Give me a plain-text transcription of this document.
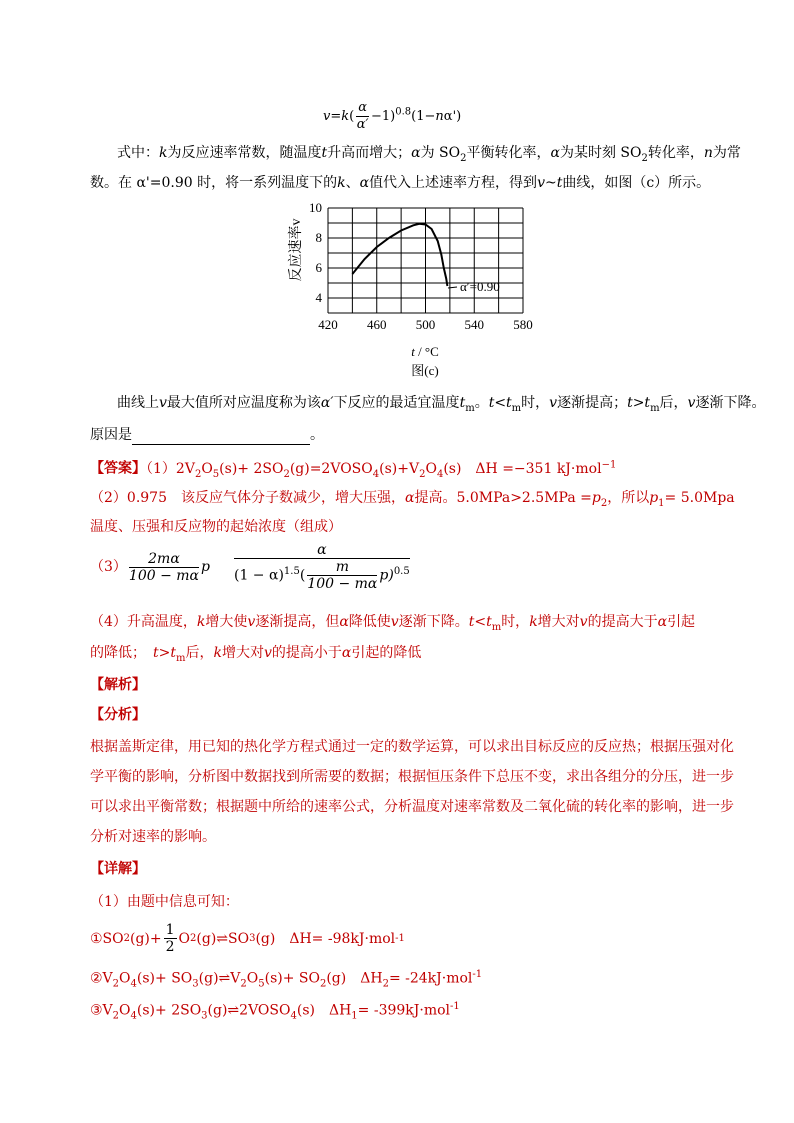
$v=k( \frac{\alpha}{\alpha'} -1)^{0.8}(1-n\alpha')$
式中：k为反应速率常数，随温度t升高而增大；α为 $SO_2$平衡转化率，α为某时刻 $SO_2$转化率，n为常
数。在 α'=0.90 时，将一系列温度下的k、α值代入上述速率方程，得到v~t曲线，如图（c）所示。
420 460 500 540 580
4
6
8
10
α′=0.90
反应速率v
t / °C
图(c)
曲线上v最大值所对应温度称为该α′下反应的最适宜温度$t_m$。$t<t_m$时，v逐渐提高；$t>t_m$后，v逐渐下降。
原因是	。
【答案】$(1)2V_2O_5(s)+$ $2SO_2(g)=2VOSO_4(s)+V_2O_4(s)$　ΔH =−351 kJ·mol$^{-1}$
（2）0.975　该反应气体分子数减少，增大压强，α提高。$5.0MPa>2.5MPa =p_2$，所以$p_1= 5.0Mpa$
温度、压强和反应物的起始浓度（组成）
$(3) \frac{2m\alpha}{100 - m\alpha}$ p $\frac{\alpha}{(1 - \alpha)^{1.5}( \frac{m}{100 - m\alpha} p)^{0.5}}$
（4）升高温度，k增大使v逐渐提高，但α降低使v逐渐下降。$t<t_m$时，k增大对v的提高大于α引起
的降低；　 $t>t_m$后，k增大对v的提高小于α引起的降低
【解析】
【分析】
根据盖斯定律，用已知的热化学方程式通过一定的数学运算，可以求出目标反应的反应热；根据压强对化
学平衡的影响，分析图中数据找到所需要的数据；根据恒压条件下总压不变，求出各组分的分压，进一步
可以求出平衡常数；根据题中所给的速率公式，分析温度对速率常数及二氧化硫的转化率的影响，进一步
分析对速率的影响。
【详解】
（1）由题中信息可知：
①SO 2 $(g)+ \frac{1}{2}$ O 2 (g)⇌SO 3 (g)　ΔH= -98kJ·mol -1
$②V_2O_4(s)+$ $SO_3(g)\rightleftharpoons V_2O_5(s)+ SO_2(g)$　$\Delta H_2= -24kJ\cdot mol^{-1}$
$③V_2O_4(s)+$ $2SO_3(g)\rightleftharpoons 2VOSO_4(s)$　$\Delta H_1= -399kJ\cdot mol^{-1}$
